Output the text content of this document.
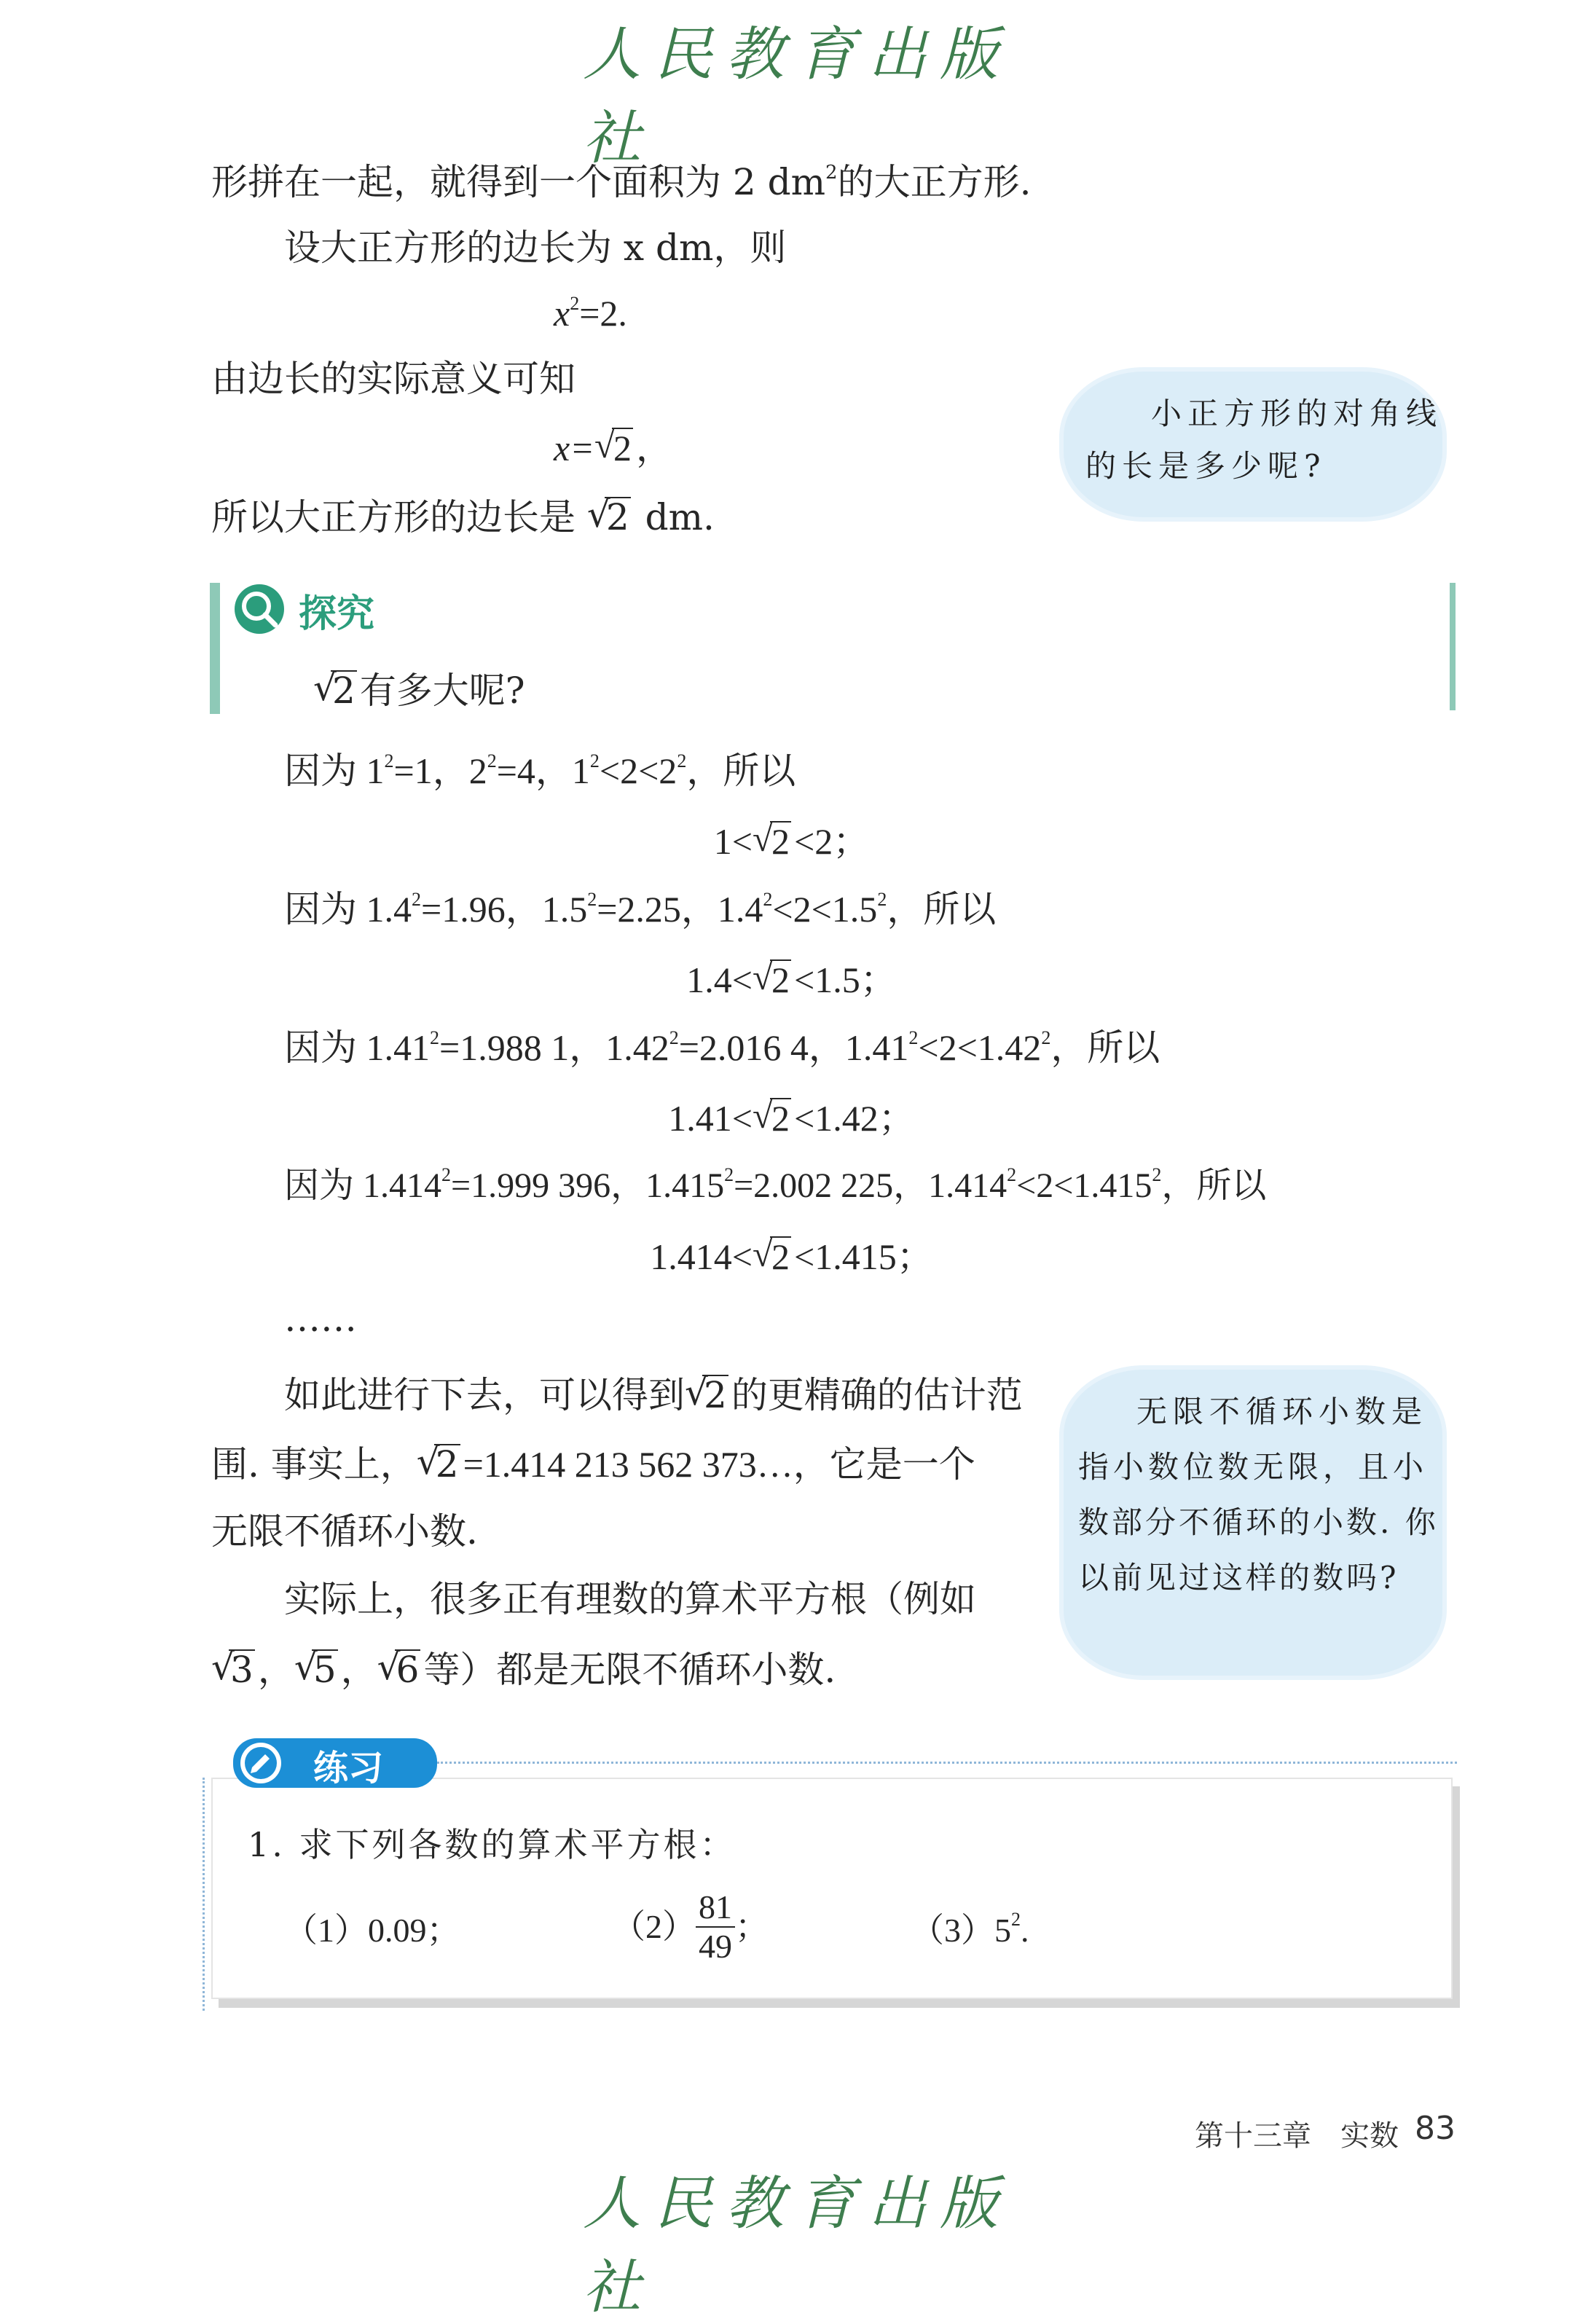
人民教育出版社
形拼在一起，就得到一个面积为 2 $dm^2$的大正方形.
设大正方形的边长为 x dm，则
$x^2=2$.
由边长的实际意义可知
x= √ 2 ，
所以大正方形的边长是 √ 2 dm.
小正方形的对角线
的长是多少呢?
探究
√ 2 有多大呢?
因为 $1^2=1$，$2^2=4$，$1^2<2<2^2$，所以
1< √ 2 <2；
因为 $1.4^2=1.96$，$1.5^2=2.25$，$1.4^2<2<1.5^2$，所以
1.4< √ 2 <1.5；
因为 $1.41^2=1.988$ 1，$1.42^2=2.016$ 4，$1.41^2<2<1.42^2$，所以
1.41< √ 2 <1.42；
因为 $1.414^2=1.999$ 396，$1.415^2=2.002$ 225，$1.414^2<2<1.415^2$，所以
1.414< √ 2 <1.415；
……
如此进行下去，可以得到 √ 2 的更精确的估计范
围. 事实上， √ 2 =1.414 213 562 373…，它是一个
无限不循环小数.
实际上，很多正有理数的算术平方根（例如
√ 3 ， √ 5 ， √ 6 等）都是无限不循环小数.
无限不循环小数是
指小数位数无限，且小
数部分不循环的小数. 你
以前见过这样的数吗?
练习
1. 求下列各数的算术平方根：
（1）0.09；	$(2) \frac{81}{49}$ ；	$(3)5^2$.
第十三章　实数 83
人民教育出版社
